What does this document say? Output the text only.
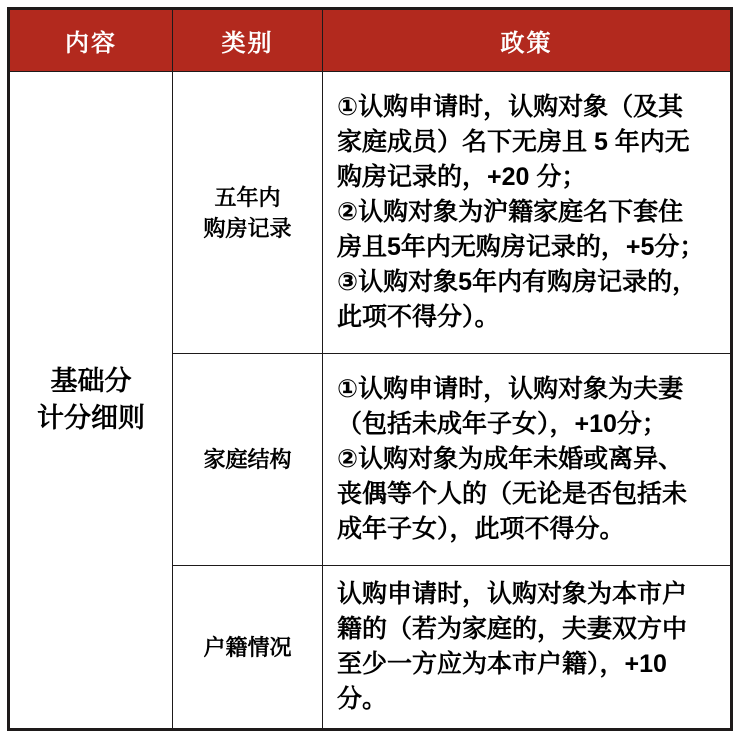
内容	类别	政策
基础分
计分细则
五年内
购房记录
①认购申请时，认购对象（及其
家庭成员）名下无房且 5 年内无
购房记录的，+20 分；
②认购对象为沪籍家庭名下套住
房且5年内无购房记录的，+5分；
③认购对象5年内有购房记录的，
此项不得分）。
家庭结构
①认购申请时，认购对象为夫妻
（包括未成年子女），+10分；
②认购对象为成年未婚或离异、
丧偶等个人的（无论是否包括未
成年子女），此项不得分。
户籍情况
认购申请时，认购对象为本市户
籍的（若为家庭的，夫妻双方中
至少一方应为本市户籍），+10
分。
